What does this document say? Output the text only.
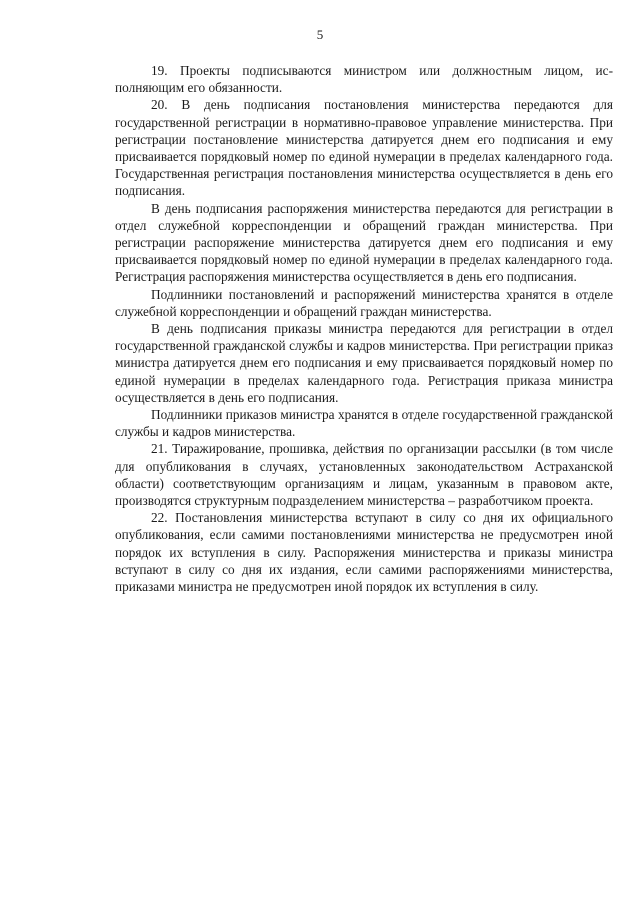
5

19. Проекты подписываются министром или должностным лицом, исполняющим его обязанности.

20. В день подписания постановления министерства передаются для государственной регистрации в нормативно-правовое управление министерства. При регистрации постановление министерства датируется днем его подписания и ему присваивается порядковый номер по единой нумерации в пределах календарного года. Государственная регистрация постановления министерства осуществляется в день его подписания.

В день подписания распоряжения министерства передаются для регистрации в отдел служебной корреспонденции и обращений граждан министерства. При регистрации распоряжение министерства датируется днем его подписания и ему присваивается порядковый номер по единой нумерации в пределах календарного года. Регистрация распоряжения министерства осуществляется в день его подписания.

Подлинники постановлений и распоряжений министерства хранятся в отделе служебной корреспонденции и обращений граждан министерства.

В день подписания приказы министра передаются для регистрации в отдел государственной гражданской службы и кадров министерства. При регистрации приказ министра датируется днем его подписания и ему присваивается порядковый номер по единой нумерации в пределах календарного года. Регистрация приказа министра осуществляется в день его подписания.

Подлинники приказов министра хранятся в отделе государственной гражданской службы и кадров министерства.

21. Тиражирование, прошивка, действия по организации рассылки (в том числе для опубликования в случаях, установленных законодательством Астраханской области) соответствующим организациям и лицам, указанным в правовом акте, производятся структурным подразделением министерства – разработчиком проекта.

22. Постановления министерства вступают в силу со дня их официального опубликования, если самими постановлениями министерства не предусмотрен иной порядок их вступления в силу. Распоряжения министерства и приказы министра вступают в силу со дня их издания, если самими распоряжениями министерства, приказами министра не предусмотрен иной порядок их вступления в силу.
